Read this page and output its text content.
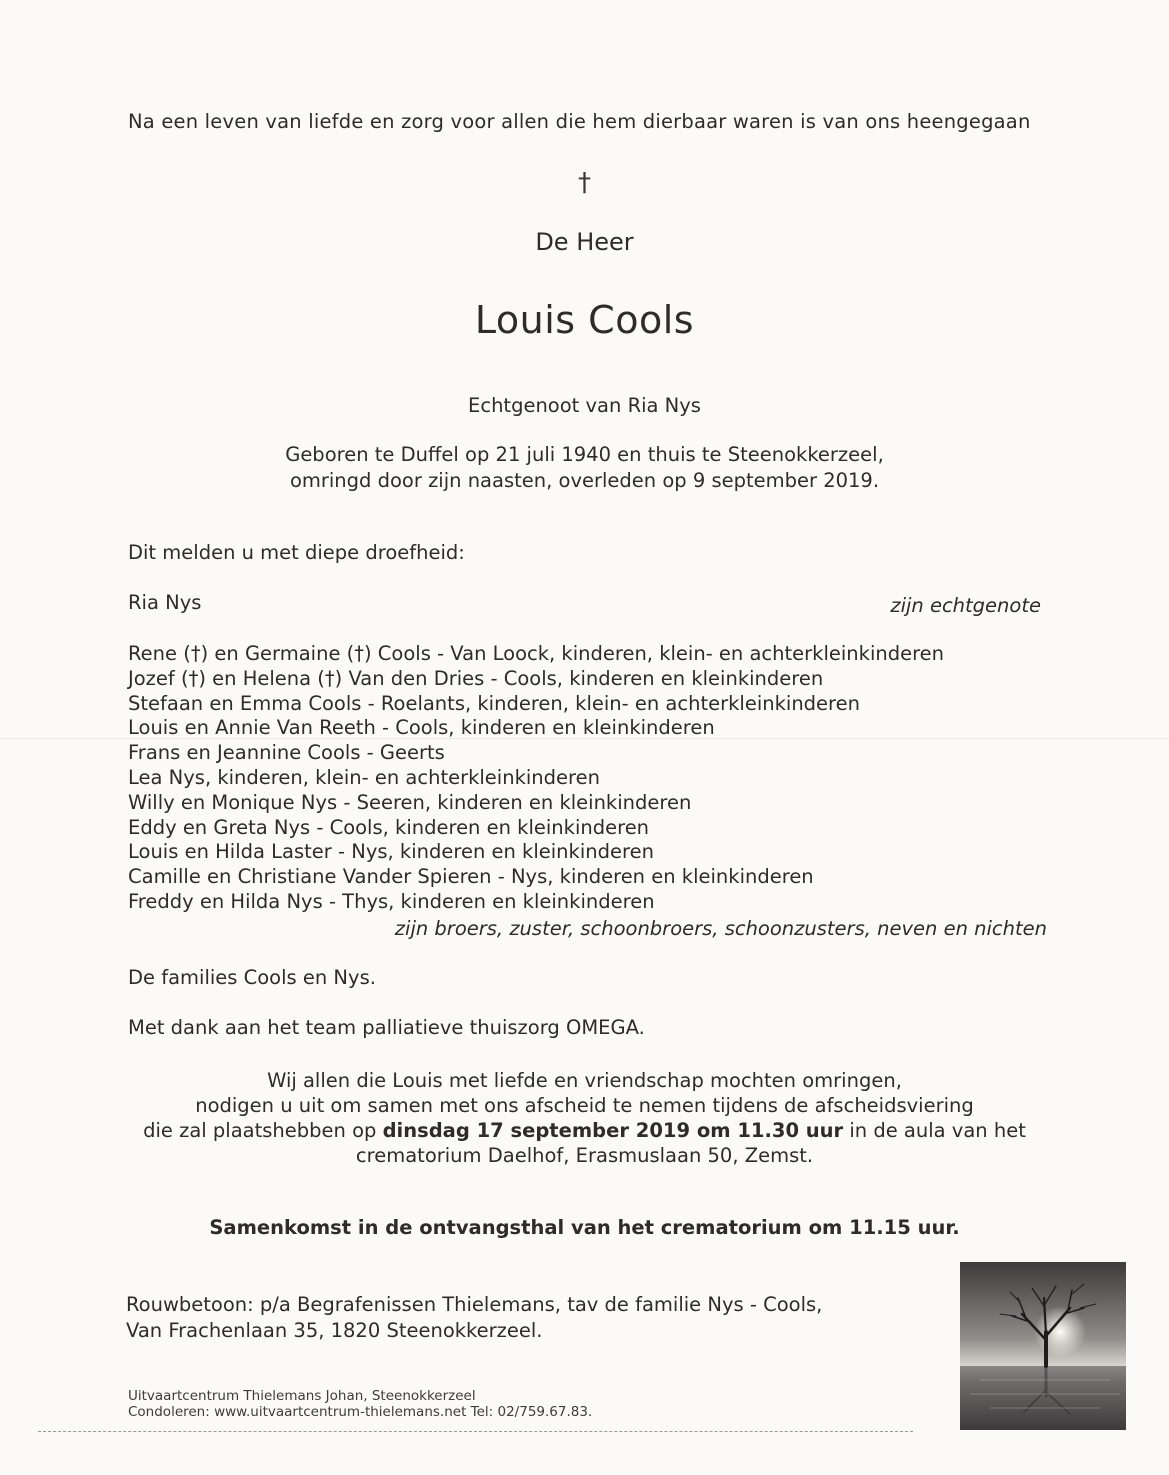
Na een leven van liefde en zorg voor allen die hem dierbaar waren is van ons heengegaan
†
De Heer
Louis Cools
Echtgenoot van Ria Nys
Geboren te Duffel op 21 juli 1940 en thuis te Steenokkerzeel,
omringd door zijn naasten, overleden op 9 september 2019.
Dit melden u met diepe droefheid:
Ria Nys	zijn echtgenote
Rene (†) en Germaine (†) Cools - Van Loock, kinderen, klein- en achterkleinkinderen
Jozef (†) en Helena (†) Van den Dries - Cools, kinderen en kleinkinderen
Stefaan en Emma Cools - Roelants, kinderen, klein- en achterkleinkinderen
Louis en Annie Van Reeth - Cools, kinderen en kleinkinderen
Frans en Jeannine Cools - Geerts
Lea Nys, kinderen, klein- en achterkleinkinderen
Willy en Monique Nys - Seeren, kinderen en kleinkinderen
Eddy en Greta Nys - Cools, kinderen en kleinkinderen
Louis en Hilda Laster - Nys, kinderen en kleinkinderen
Camille en Christiane Vander Spieren - Nys, kinderen en kleinkinderen
Freddy en Hilda Nys - Thys, kinderen en kleinkinderen
zijn broers, zuster, schoonbroers, schoonzusters, neven en nichten
De families Cools en Nys.
Met dank aan het team palliatieve thuiszorg OMEGA.
Wij allen die Louis met liefde en vriendschap mochten omringen,
nodigen u uit om samen met ons afscheid te nemen tijdens de afscheidsviering
die zal plaatshebben op dinsdag 17 september 2019 om 11.30 uur in de aula van het
crematorium Daelhof, Erasmuslaan 50, Zemst.
Samenkomst in de ontvangsthal van het crematorium om 11.15 uur.
Rouwbetoon: p/a Begrafenissen Thielemans, tav de familie Nys - Cools,
Van Frachenlaan 35, 1820 Steenokkerzeel.
Uitvaartcentrum Thielemans Johan, Steenokkerzeel
Condoleren: www.uitvaartcentrum-thielemans.net Tel: 02/759.67.83.
